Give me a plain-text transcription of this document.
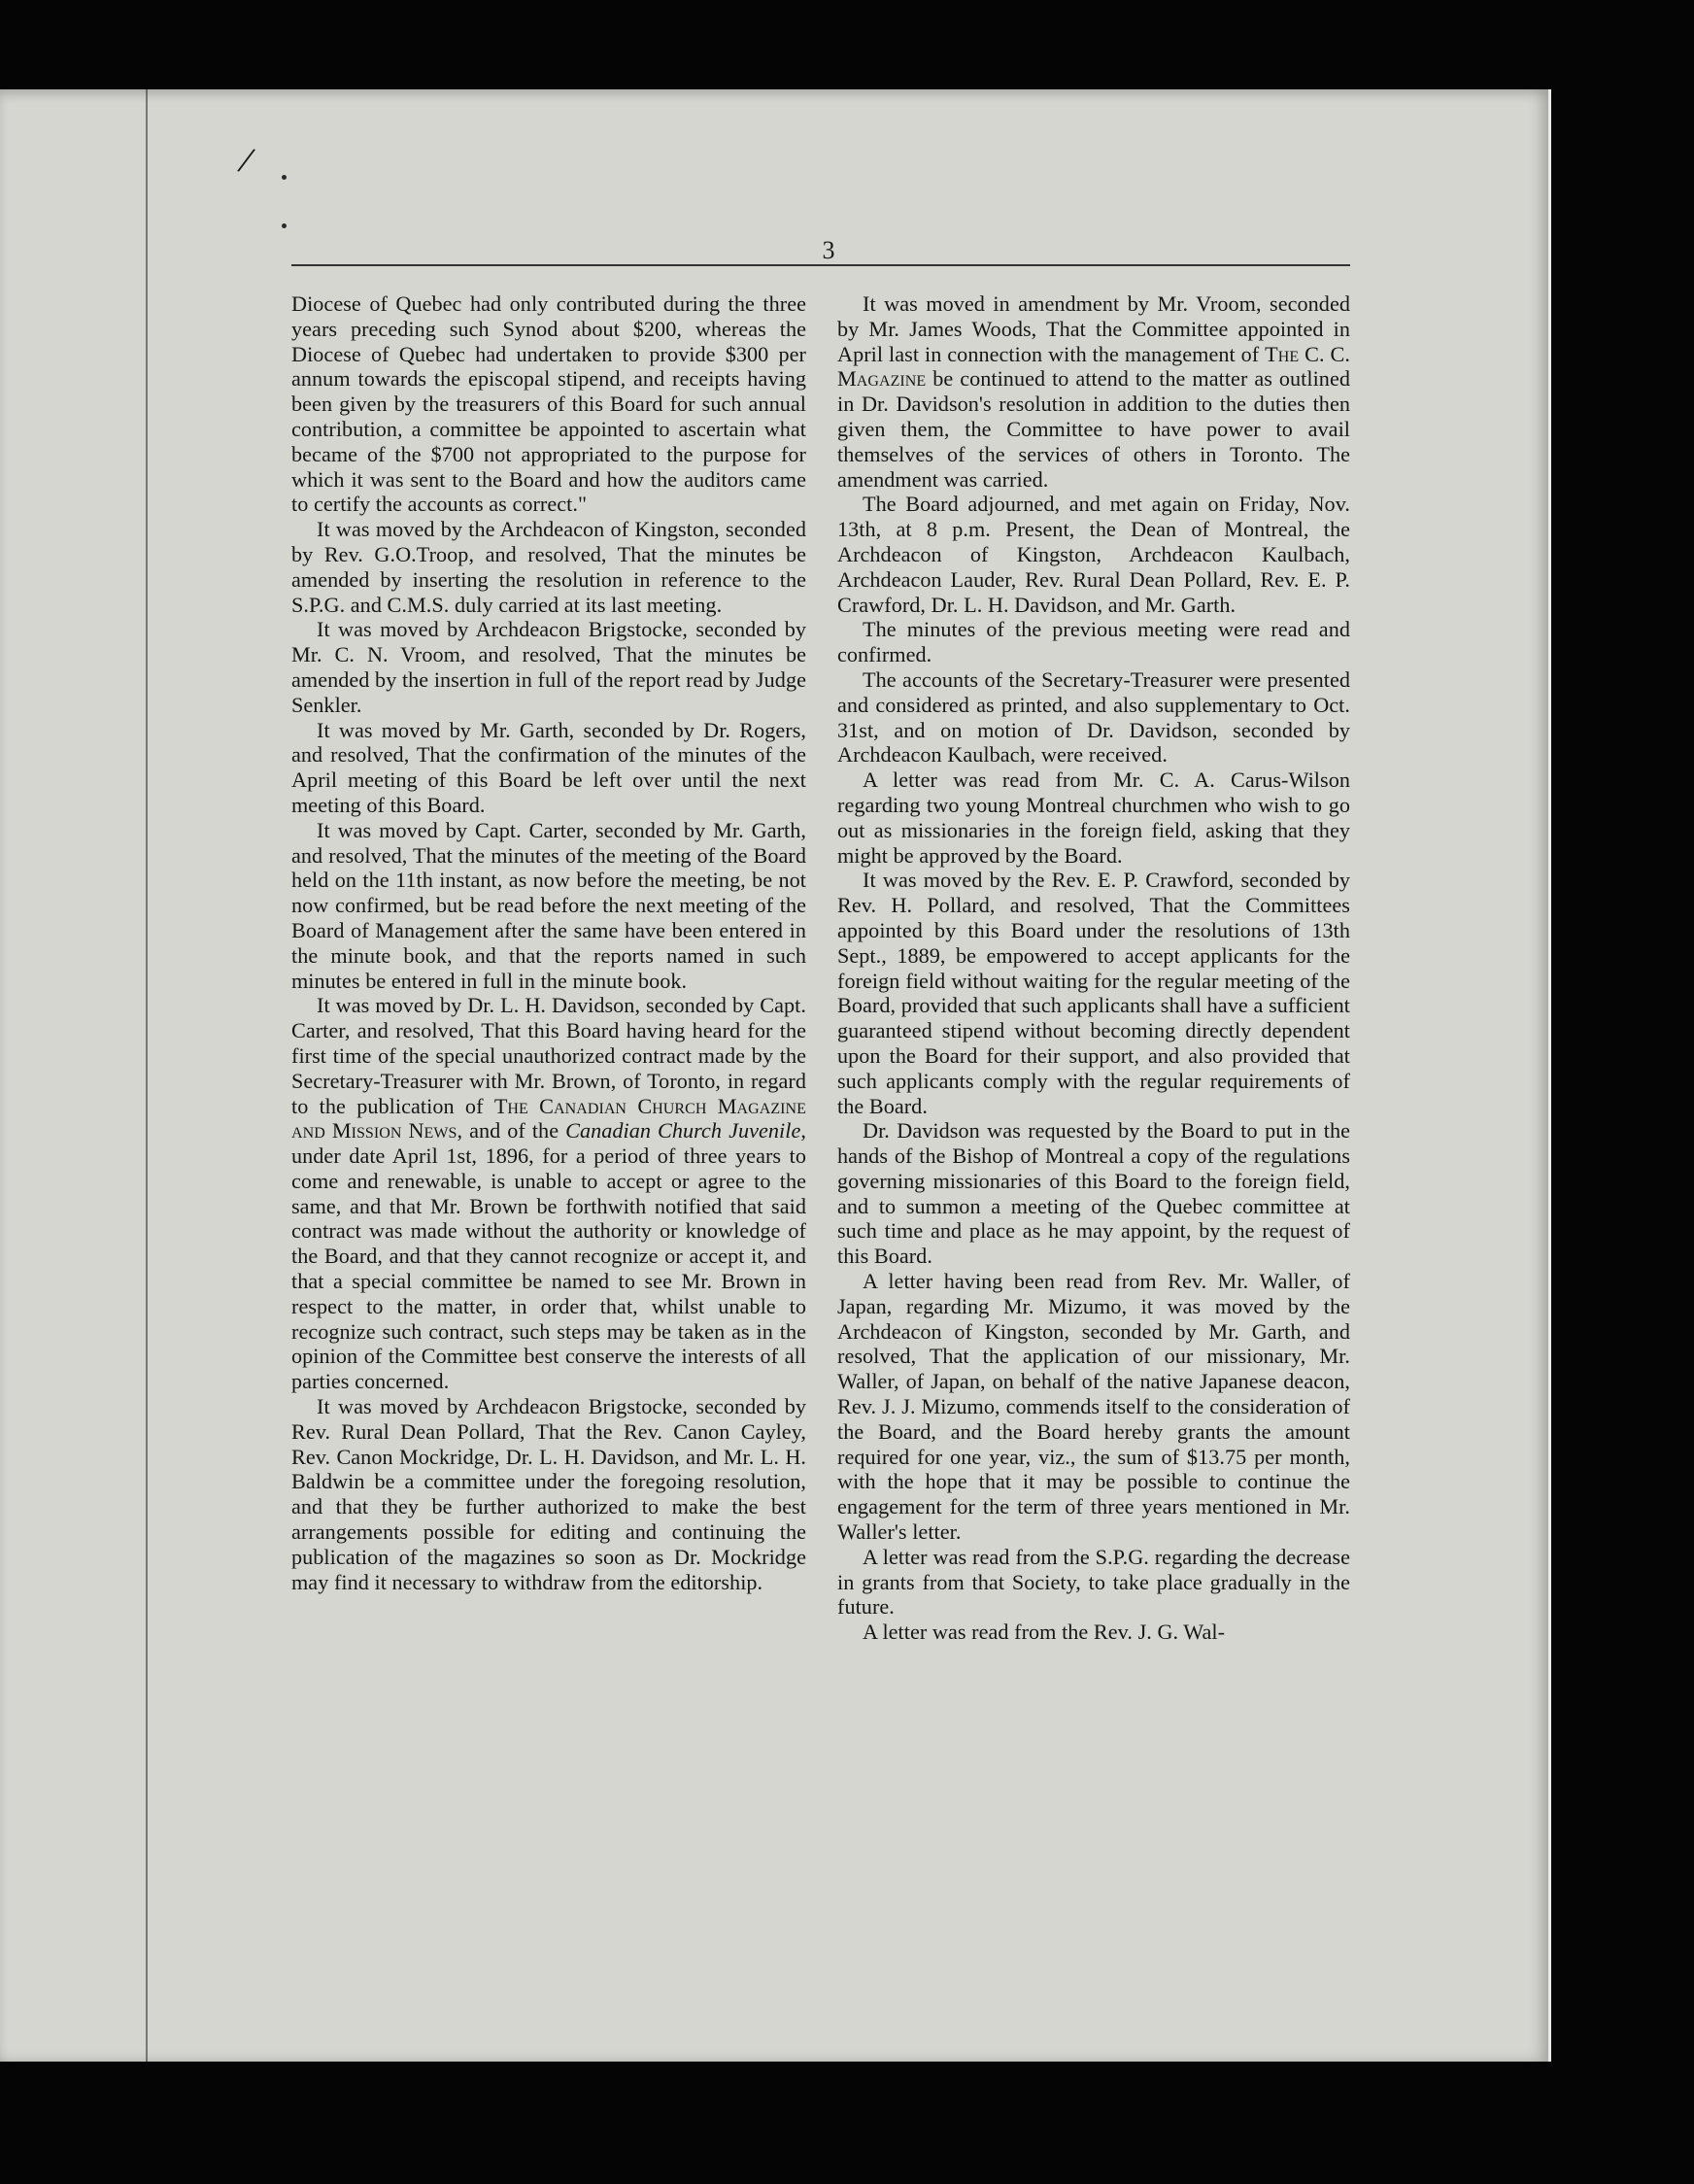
/
3

Diocese of Quebec had only contributed during the three years preceding such Synod about $200, whereas the Diocese of Quebec had undertaken to provide $300 per annum towards the episcopal stipend, and receipts having been given by the treasurers of this Board for such annual contribution, a committee be appointed to ascertain what became of the $700 not appropriated to the purpose for which it was sent to the Board and how the auditors came to certify the accounts as correct."

It was moved by the Archdeacon of Kingston, seconded by Rev. G.O.Troop, and resolved, That the minutes be amended by inserting the resolution in reference to the S.P.G. and C.M.S. duly carried at its last meeting.

It was moved by Archdeacon Brigstocke, seconded by Mr. C. N. Vroom, and resolved, That the minutes be amended by the insertion in full of the report read by Judge Senkler.

It was moved by Mr. Garth, seconded by Dr. Rogers, and resolved, That the confirmation of the minutes of the April meeting of this Board be left over until the next meeting of this Board.

It was moved by Capt. Carter, seconded by Mr. Garth, and resolved, That the minutes of the meeting of the Board held on the 11th instant, as now before the meeting, be not now confirmed, but be read before the next meeting of the Board of Management after the same have been entered in the minute book, and that the reports named in such minutes be entered in full in the minute book.

It was moved by Dr. L. H. Davidson, seconded by Capt. Carter, and resolved, That this Board having heard for the first time of the special unauthorized contract made by the Secretary-Treasurer with Mr. Brown, of Toronto, in regard to the publication of The Canadian Church Magazine and Mission News, and of the Canadian Church Juvenile, under date April 1st, 1896, for a period of three years to come and renewable, is unable to accept or agree to the same, and that Mr. Brown be forthwith notified that said contract was made without the authority or knowledge of the Board, and that they cannot recognize or accept it, and that a special committee be named to see Mr. Brown in respect to the matter, in order that, whilst unable to recognize such contract, such steps may be taken as in the opinion of the Committee best conserve the interests of all parties concerned.

It was moved by Archdeacon Brigstocke, seconded by Rev. Rural Dean Pollard, That the Rev. Canon Cayley, Rev. Canon Mockridge, Dr. L. H. Davidson, and Mr. L. H. Baldwin be a committee under the foregoing resolution, and that they be further authorized to make the best arrangements possible for editing and continuing the publication of the magazines so soon as Dr. Mockridge may find it necessary to withdraw from the editorship.

It was moved in amendment by Mr. Vroom, seconded by Mr. James Woods, That the Committee appointed in April last in connection with the management of The C. C. Magazine be continued to attend to the matter as outlined in Dr. Davidson's resolution in addition to the duties then given them, the Committee to have power to avail themselves of the services of others in Toronto. The amendment was carried.

The Board adjourned, and met again on Friday, Nov. 13th, at 8 p.m. Present, the Dean of Montreal, the Archdeacon of Kingston, Archdeacon Kaulbach, Archdeacon Lauder, Rev. Rural Dean Pollard, Rev. E. P. Crawford, Dr. L. H. Davidson, and Mr. Garth.

The minutes of the previous meeting were read and confirmed.

The accounts of the Secretary-Treasurer were presented and considered as printed, and also supplementary to Oct. 31st, and on motion of Dr. Davidson, seconded by Archdeacon Kaulbach, were received.

A letter was read from Mr. C. A. Carus-Wilson regarding two young Montreal churchmen who wish to go out as missionaries in the foreign field, asking that they might be approved by the Board.

It was moved by the Rev. E. P. Crawford, seconded by Rev. H. Pollard, and resolved, That the Committees appointed by this Board under the resolutions of 13th Sept., 1889, be empowered to accept applicants for the foreign field without waiting for the regular meeting of the Board, provided that such applicants shall have a sufficient guaranteed stipend without becoming directly dependent upon the Board for their support, and also provided that such applicants comply with the regular requirements of the Board.

Dr. Davidson was requested by the Board to put in the hands of the Bishop of Montreal a copy of the regulations governing missionaries of this Board to the foreign field, and to summon a meeting of the Quebec committee at such time and place as he may appoint, by the request of this Board.

A letter having been read from Rev. Mr. Waller, of Japan, regarding Mr. Mizumo, it was moved by the Archdeacon of Kingston, seconded by Mr. Garth, and resolved, That the application of our missionary, Mr. Waller, of Japan, on behalf of the native Japanese deacon, Rev. J. J. Mizumo, commends itself to the consideration of the Board, and the Board hereby grants the amount required for one year, viz., the sum of $13.75 per month, with the hope that it may be possible to continue the engagement for the term of three years mentioned in Mr. Waller's letter.

A letter was read from the S.P.G. regarding the decrease in grants from that Society, to take place gradually in the future.

A letter was read from the Rev. J. G. Wal-
